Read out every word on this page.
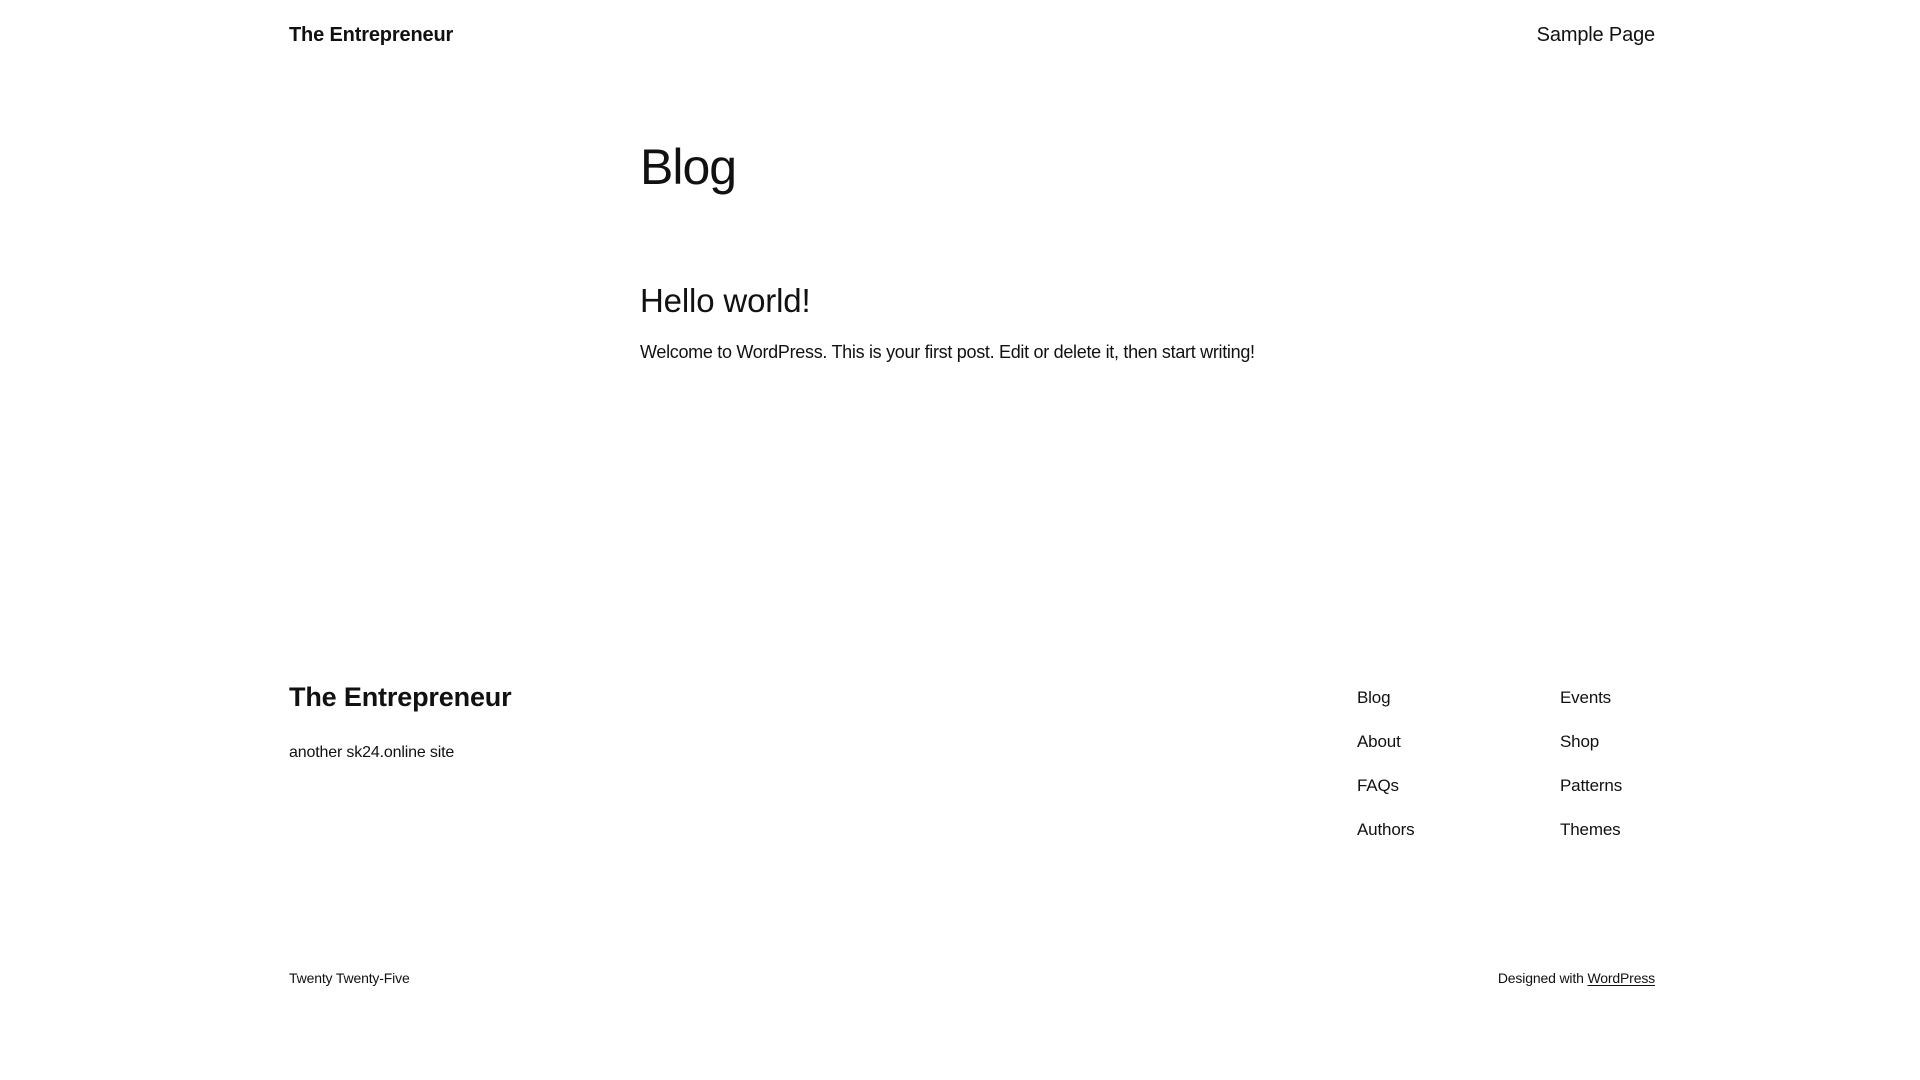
The Entrepreneur	Sample Page
Blog
Hello world!

Welcome to WordPress. This is your first post. Edit or delete it, then start writing!

The Entrepreneur

another sk24.online site

Blog
About
FAQs
Authors
Events
Shop
Patterns
Themes
Twenty Twenty-Five	Designed with WordPress
